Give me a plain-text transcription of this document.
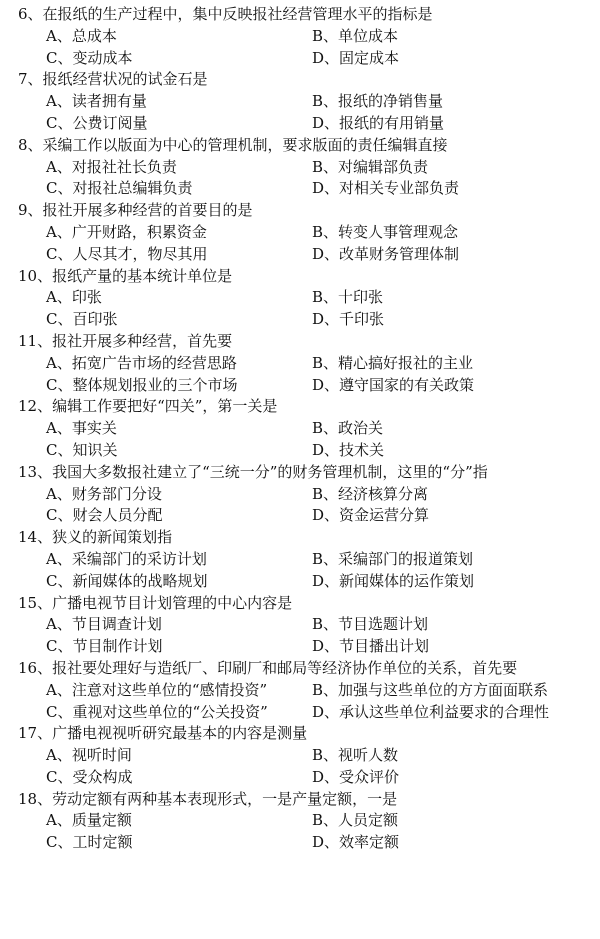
6、在报纸的生产过程中，集中反映报社经营管理水平的指标是
A、总成本	B、单位成本
C、变动成本	D、固定成本
7、报纸经营状况的试金石是
A、读者拥有量	B、报纸的净销售量
C、公费订阅量	D、报纸的有用销量
8、采编工作以版面为中心的管理机制，要求版面的责任编辑直接
A、对报社社长负责	B、对编辑部负责
C、对报社总编辑负责	D、对相关专业部负责
9、报社开展多种经营的首要目的是
A、广开财路，积累资金	B、转变人事管理观念
C、人尽其才，物尽其用	D、改革财务管理体制
10、报纸产量的基本统计单位是
A、印张	B、十印张
C、百印张	D、千印张
11、报社开展多种经营，首先要
A、拓宽广告市场的经营思路	B、精心搞好报社的主业
C、整体规划报业的三个市场	D、遵守国家的有关政策
12、编辑工作要把好“四关”，第一关是
A、事实关	B、政治关
C、知识关	D、技术关
13、我国大多数报社建立了“三统一分”的财务管理机制，这里的“分”指
A、财务部门分设	B、经济核算分离
C、财会人员分配	D、资金运营分算
14、狭义的新闻策划指
A、采编部门的采访计划	B、采编部门的报道策划
C、新闻媒体的战略规划	D、新闻媒体的运作策划
15、广播电视节目计划管理的中心内容是
A、节目调查计划	B、节目选题计划
C、节目制作计划	D、节目播出计划
16、报社要处理好与造纸厂、印刷厂和邮局等经济协作单位的关系，首先要
A、注意对这些单位的“感情投资”	B、加强与这些单位的方方面面联系
C、重视对这些单位的“公关投资”	D、承认这些单位利益要求的合理性
17、广播电视视听研究最基本的内容是测量
A、视听时间	B、视听人数
C、受众构成	D、受众评价
18、劳动定额有两种基本表现形式，一是产量定额，一是
A、质量定额	B、人员定额
C、工时定额	D、效率定额
